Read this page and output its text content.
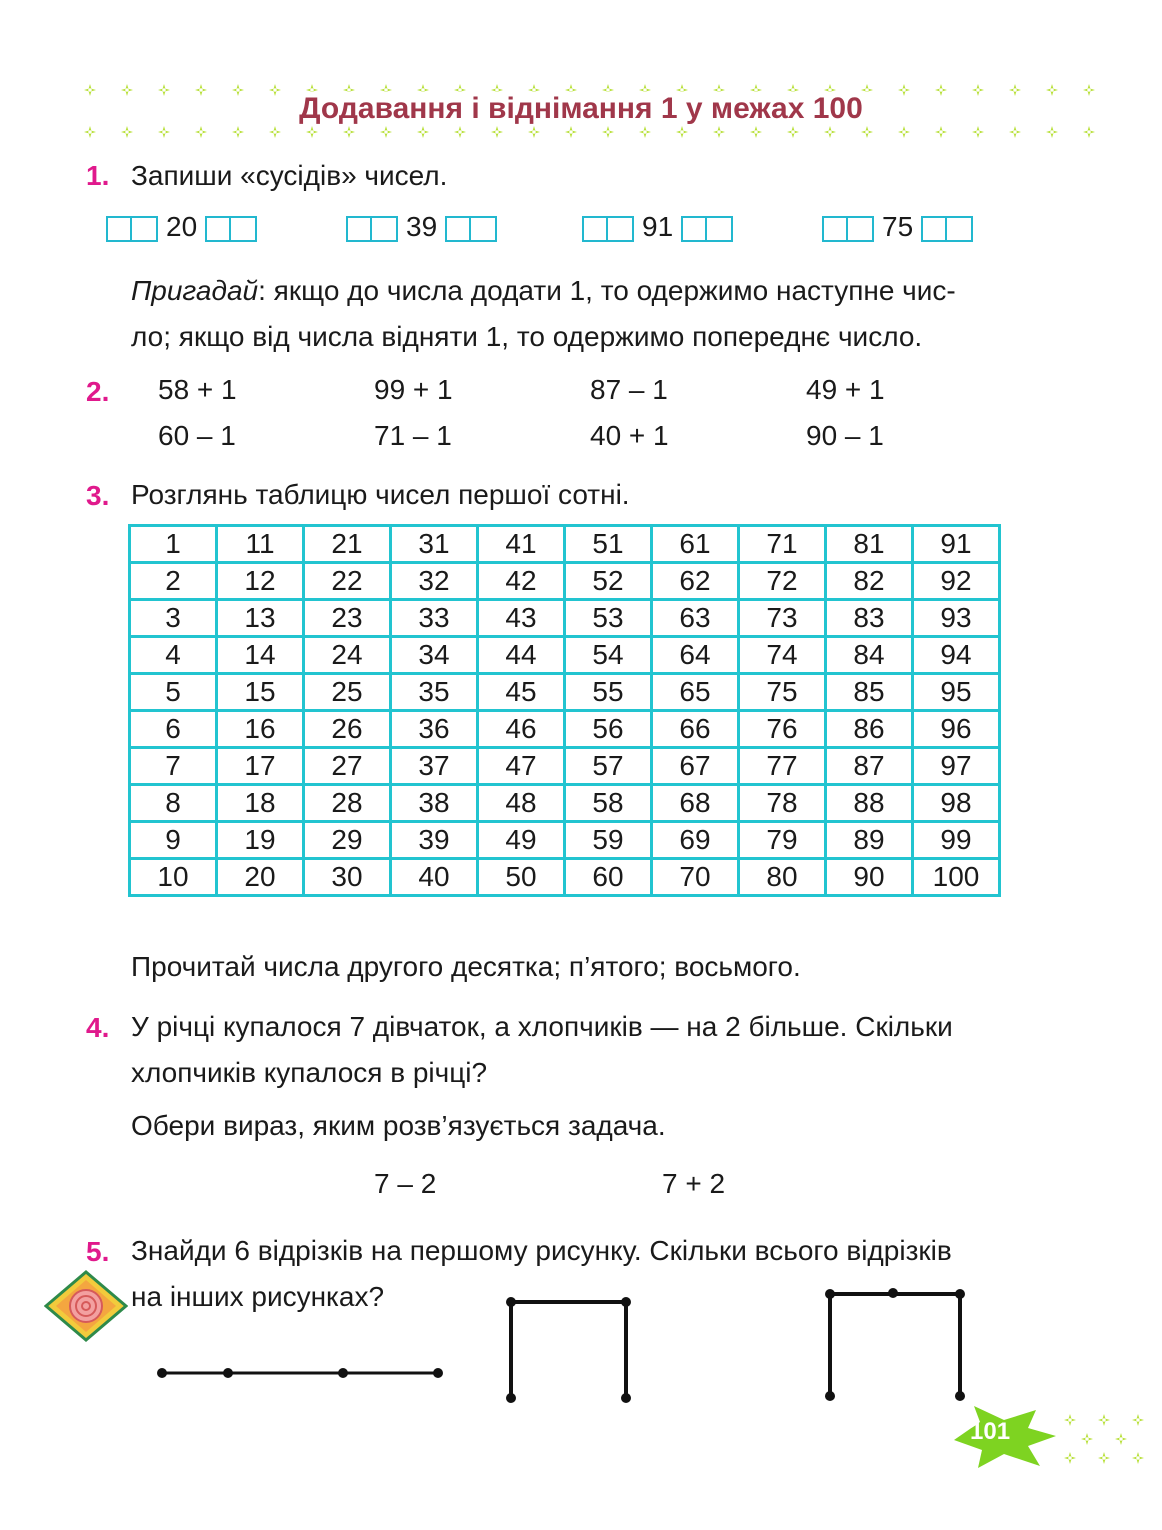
Додавання і віднімання 1 у межах 100
1. Запиши «сусідів» чисел.
20	39	91	75
Пригадай: якщо до числа додати 1, то одержимо наступне чис-
ло; якщо від числа відняти 1, то одержимо попереднє число.
2. 58 + 1	99 + 1	87 – 1	49 + 1
60 – 1	71 – 1	40 + 1	90 – 1
3. Розглянь таблицю чисел першої сотні.
1	11	21	31	41	51	61	71	81	91
2	12	22	32	42	52	62	72	82	92
3	13	23	33	43	53	63	73	83	93
4	14	24	34	44	54	64	74	84	94
5	15	25	35	45	55	65	75	85	95
6	16	26	36	46	56	66	76	86	96
7	17	27	37	47	57	67	77	87	97
8	18	28	38	48	58	68	78	88	98
9	19	29	39	49	59	69	79	89	99
10	20	30	40	50	60	70	80	90	100
Прочитай числа другого десятка; п’ятого; восьмого.
4. У річці купалося 7 дівчаток, а хлопчиків — на 2 більше. Скільки
хлопчиків купалося в річці?
Обери вираз, яким розв’язується задача.
7 – 2	7 + 2
5. Знайди 6 відрізків на першому рисунку. Скільки всього відрізків
на інших рисунках?
101
